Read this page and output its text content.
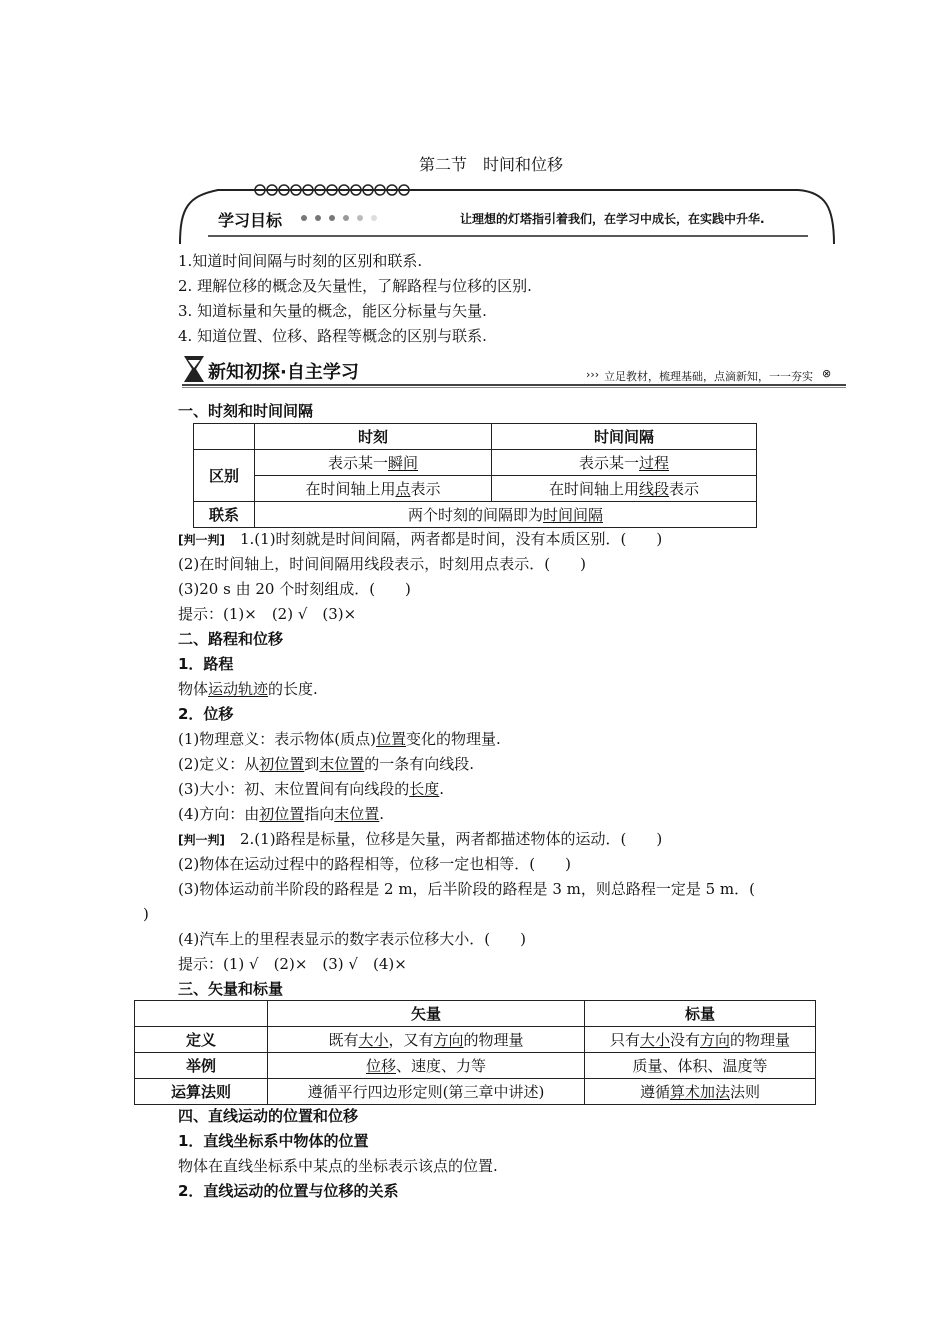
第二节　时间和位移
学习目标	让理想的灯塔指引着我们，在学习中成长，在实践中升华.
1.知道时间间隔与时刻的区别和联系.
2. 理解位移的概念及矢量性，了解路程与位移的区别.
3. 知道标量和矢量的概念，能区分标量与矢量.
4. 知道位置、位移、路程等概念的区别与联系.
新知初探·自主学习	››› 立足教材，梳理基础，点滴新知，一一夯实 ⊗
一、时刻和时间间隔
	时刻	时间间隔
区别	表示某一瞬间	表示某一过程
	在时间轴上用点表示	在时间轴上用线段表示
联系	两个时刻的间隔即为时间间隔	
[判一判]　 1.(1)时刻就是时间间隔，两者都是时间，没有本质区别．(　　)
(2)在时间轴上，时间间隔用线段表示，时刻用点表示．(　　)
(3)20 s 由 20 个时刻组成．(　　)
提示：(1)×　(2) √　(3)×
二、路程和位移
1．路程
物体运动轨迹的长度.
2．位移
(1)物理意义：表示物体(质点)位置变化的物理量.
(2)定义：从初位置到末位置的一条有向线段.
(3)大小：初、末位置间有向线段的长度.
(4)方向：由初位置指向末位置.
[判一判]　 2.(1)路程是标量，位移是矢量，两者都描述物体的运动．(　　)
(2)物体在运动过程中的路程相等，位移一定也相等．(　　)
(3)物体运动前半阶段的路程是 2 m，后半阶段的路程是 3 m，则总路程一定是 5 m．(
)
(4)汽车上的里程表显示的数字表示位移大小．(　　)
提示：(1) √　(2)×　(3) √　(4)×
三、矢量和标量
	矢量	标量
定义	既有大小，又有方向的物理量	只有大小没有方向的物理量
举例	位移、速度、力等	质量、体积、温度等
运算法则	遵循平行四边形定则(第三章中讲述)	遵循算术加法法则
四、直线运动的位置和位移
1．直线坐标系中物体的位置
物体在直线坐标系中某点的坐标表示该点的位置.
2．直线运动的位置与位移的关系
